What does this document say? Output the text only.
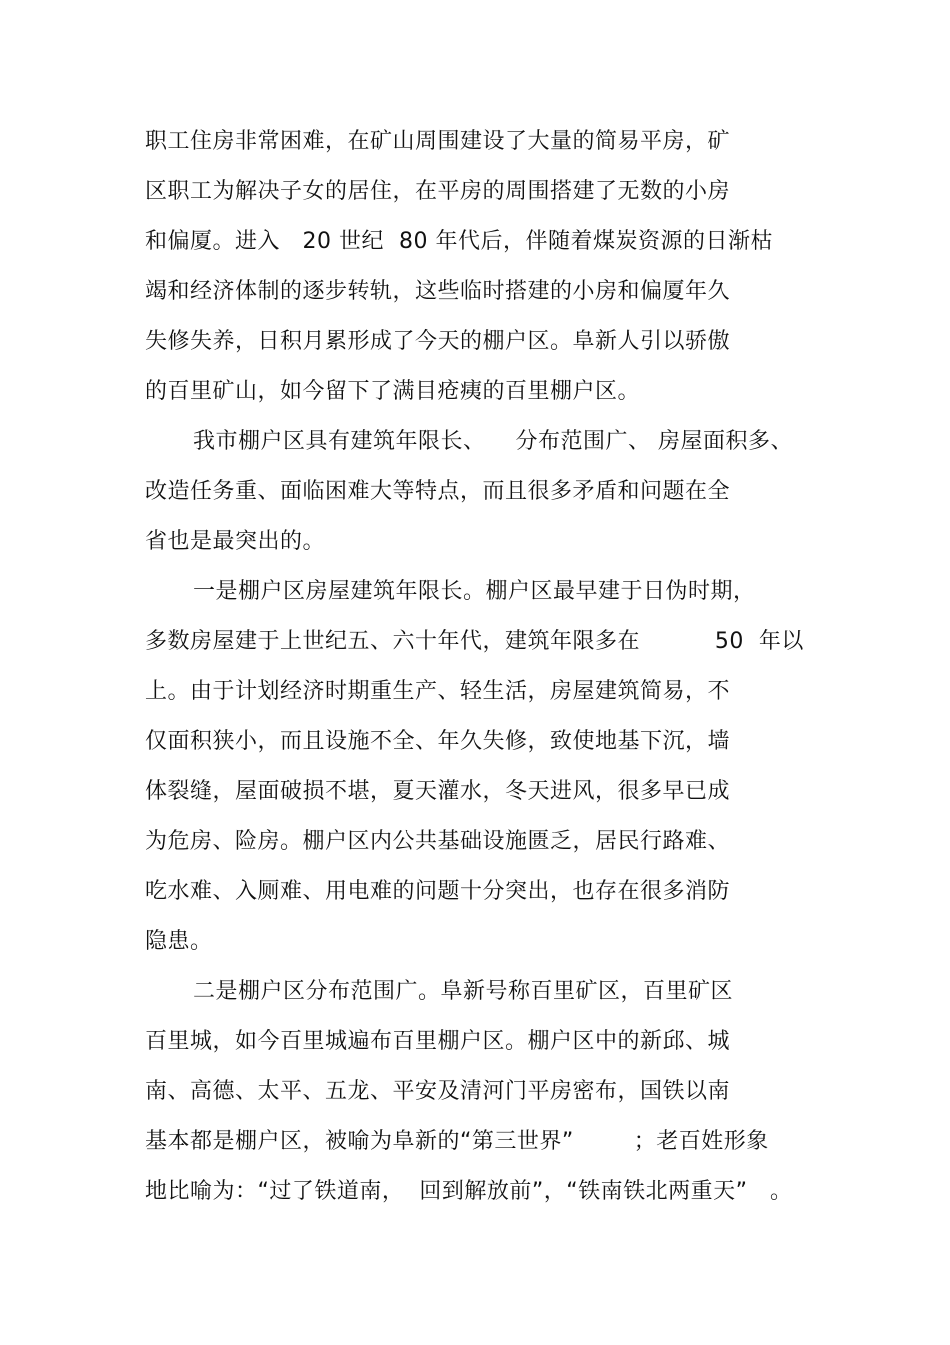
职工住房非常困难，在矿山周围建设了大量的简易平房，矿
区职工为解决子女的居住，在平房的周围搭建了无数的小房
和偏厦。进入   20 世纪  80 年代后，伴随着煤炭资源的日渐枯
竭和经济体制的逐步转轨，这些临时搭建的小房和偏厦年久
失修失养，日积月累形成了今天的棚户区。阜新人引以骄傲
的百里矿山，如今留下了满目疮痍的百里棚户区。
我市棚户区具有建筑年限长、    分布范围广、 房屋面积多、
改造任务重、面临困难大等特点，而且很多矛盾和问题在全
省也是最突出的。
一是棚户区房屋建筑年限长。棚户区最早建于日伪时期，
多数房屋建于上世纪五、六十年代，建筑年限多在          50  年以
上。由于计划经济时期重生产、轻生活，房屋建筑简易，不
仅面积狭小，而且设施不全、年久失修，致使地基下沉，墙
体裂缝，屋面破损不堪，夏天灌水，冬天进风，很多早已成
为危房、险房。棚户区内公共基础设施匮乏，居民行路难、
吃水难、入厕难、用电难的问题十分突出，也存在很多消防
隐患。
二是棚户区分布范围广。阜新号称百里矿区，百里矿区
百里城，如今百里城遍布百里棚户区。棚户区中的新邱、城
南、高德、太平、五龙、平安及清河门平房密布，国铁以南
基本都是棚户区，被喻为阜新的“第三世界”        ；老百姓形象
地比喻为：“过了铁道南，  回到解放前”，“铁南铁北两重天”   。
